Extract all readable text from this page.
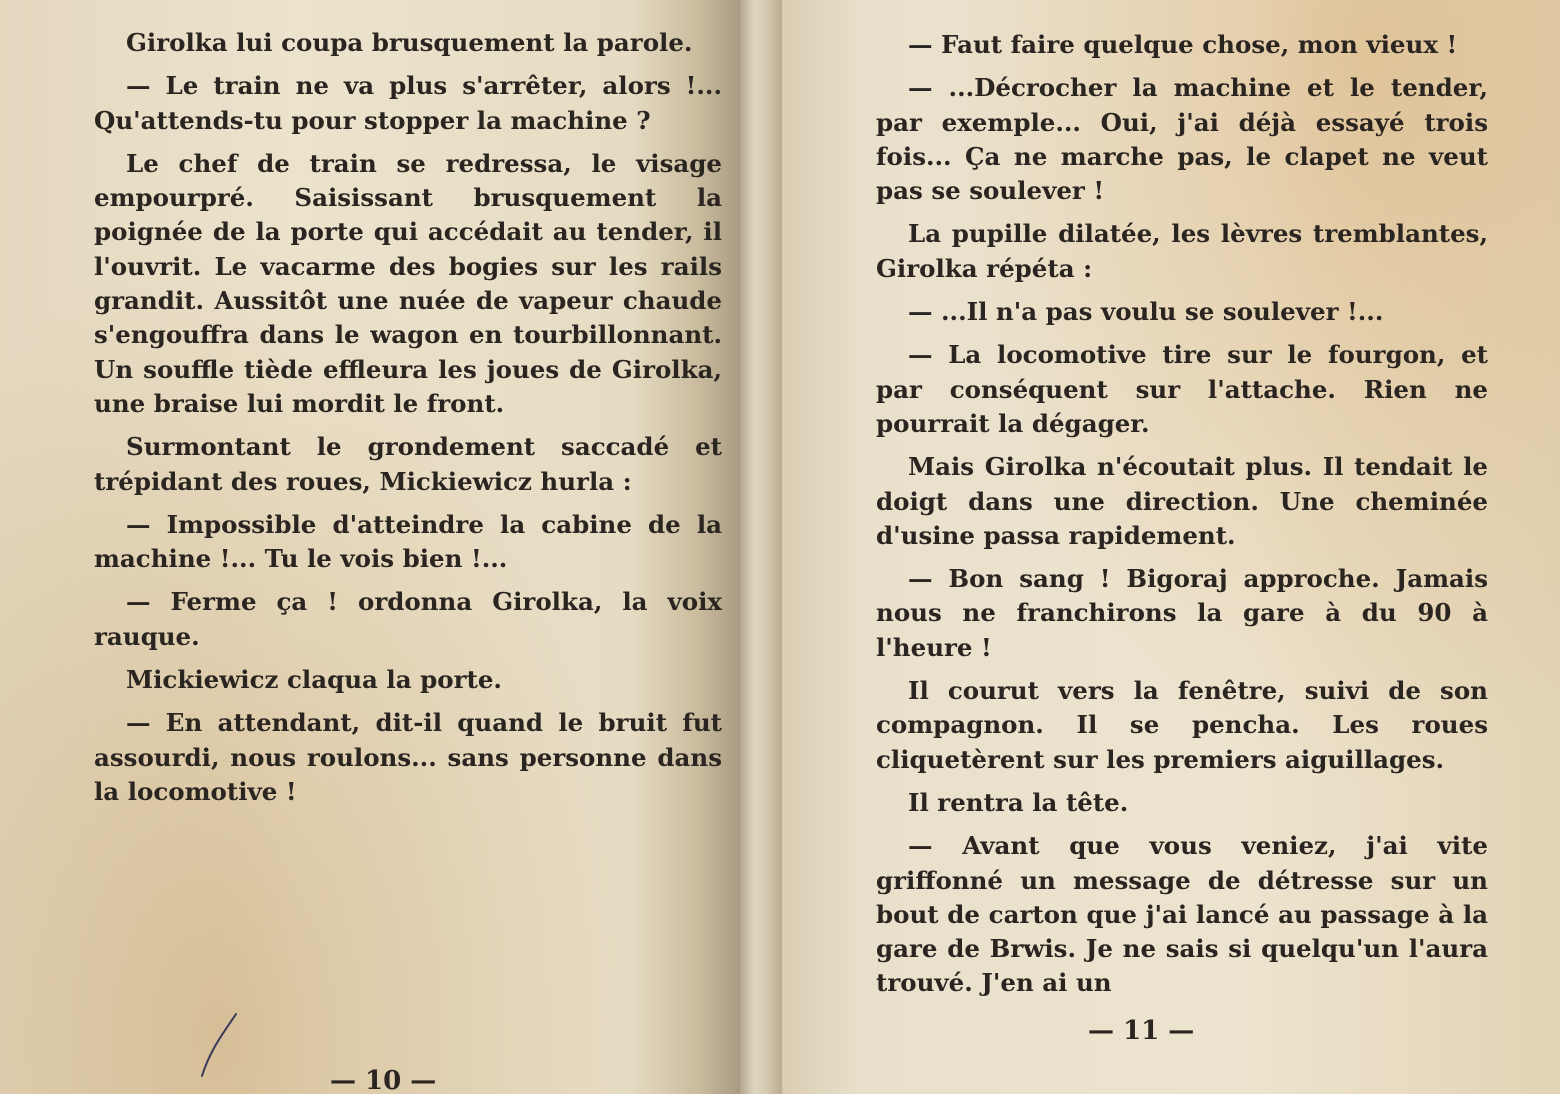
Girolka lui coupa brusquement la parole.

— Le train ne va plus s'arrêter, alors !... Qu'attends-tu pour stopper la machine ?

Le chef de train se redressa, le visage empourpré. Saisissant brusquement la poignée de la porte qui accédait au tender, il l'ouvrit. Le vacarme des bogies sur les rails grandit. Aussitôt une nuée de vapeur chaude s'engouffra dans le wagon en tourbillonnant. Un souffle tiède effleura les joues de Girolka, une braise lui mordit le front.

Surmontant le grondement saccadé et trépidant des roues, Mickiewicz hurla :

— Impossible d'atteindre la cabine de la machine !... Tu le vois bien !...

— Ferme ça ! ordonna Girolka, la voix rauque.

Mickiewicz claqua la porte.

— En attendant, dit-il quand le bruit fut assourdi, nous roulons... sans personne dans la locomotive !

— 10 —

— Faut faire quelque chose, mon vieux !

— ...Décrocher la machine et le tender, par exemple... Oui, j'ai déjà essayé trois fois... Ça ne marche pas, le clapet ne veut pas se soulever !

La pupille dilatée, les lèvres tremblantes, Girolka répéta :

— ...Il n'a pas voulu se soulever !...

— La locomotive tire sur le fourgon, et par conséquent sur l'attache. Rien ne pourrait la dégager.

Mais Girolka n'écoutait plus. Il tendait le doigt dans une direction. Une cheminée d'usine passa rapidement.

— Bon sang ! Bigoraj approche. Jamais nous ne franchirons la gare à du 90 à l'heure !

Il courut vers la fenêtre, suivi de son compagnon. Il se pencha. Les roues cliquetèrent sur les premiers aiguillages.

Il rentra la tête.

— Avant que vous veniez, j'ai vite griffonné un message de détresse sur un bout de carton que j'ai lancé au passage à la gare de Brwis. Je ne sais si quelqu'un l'aura trouvé. J'en ai un

— 11 —
